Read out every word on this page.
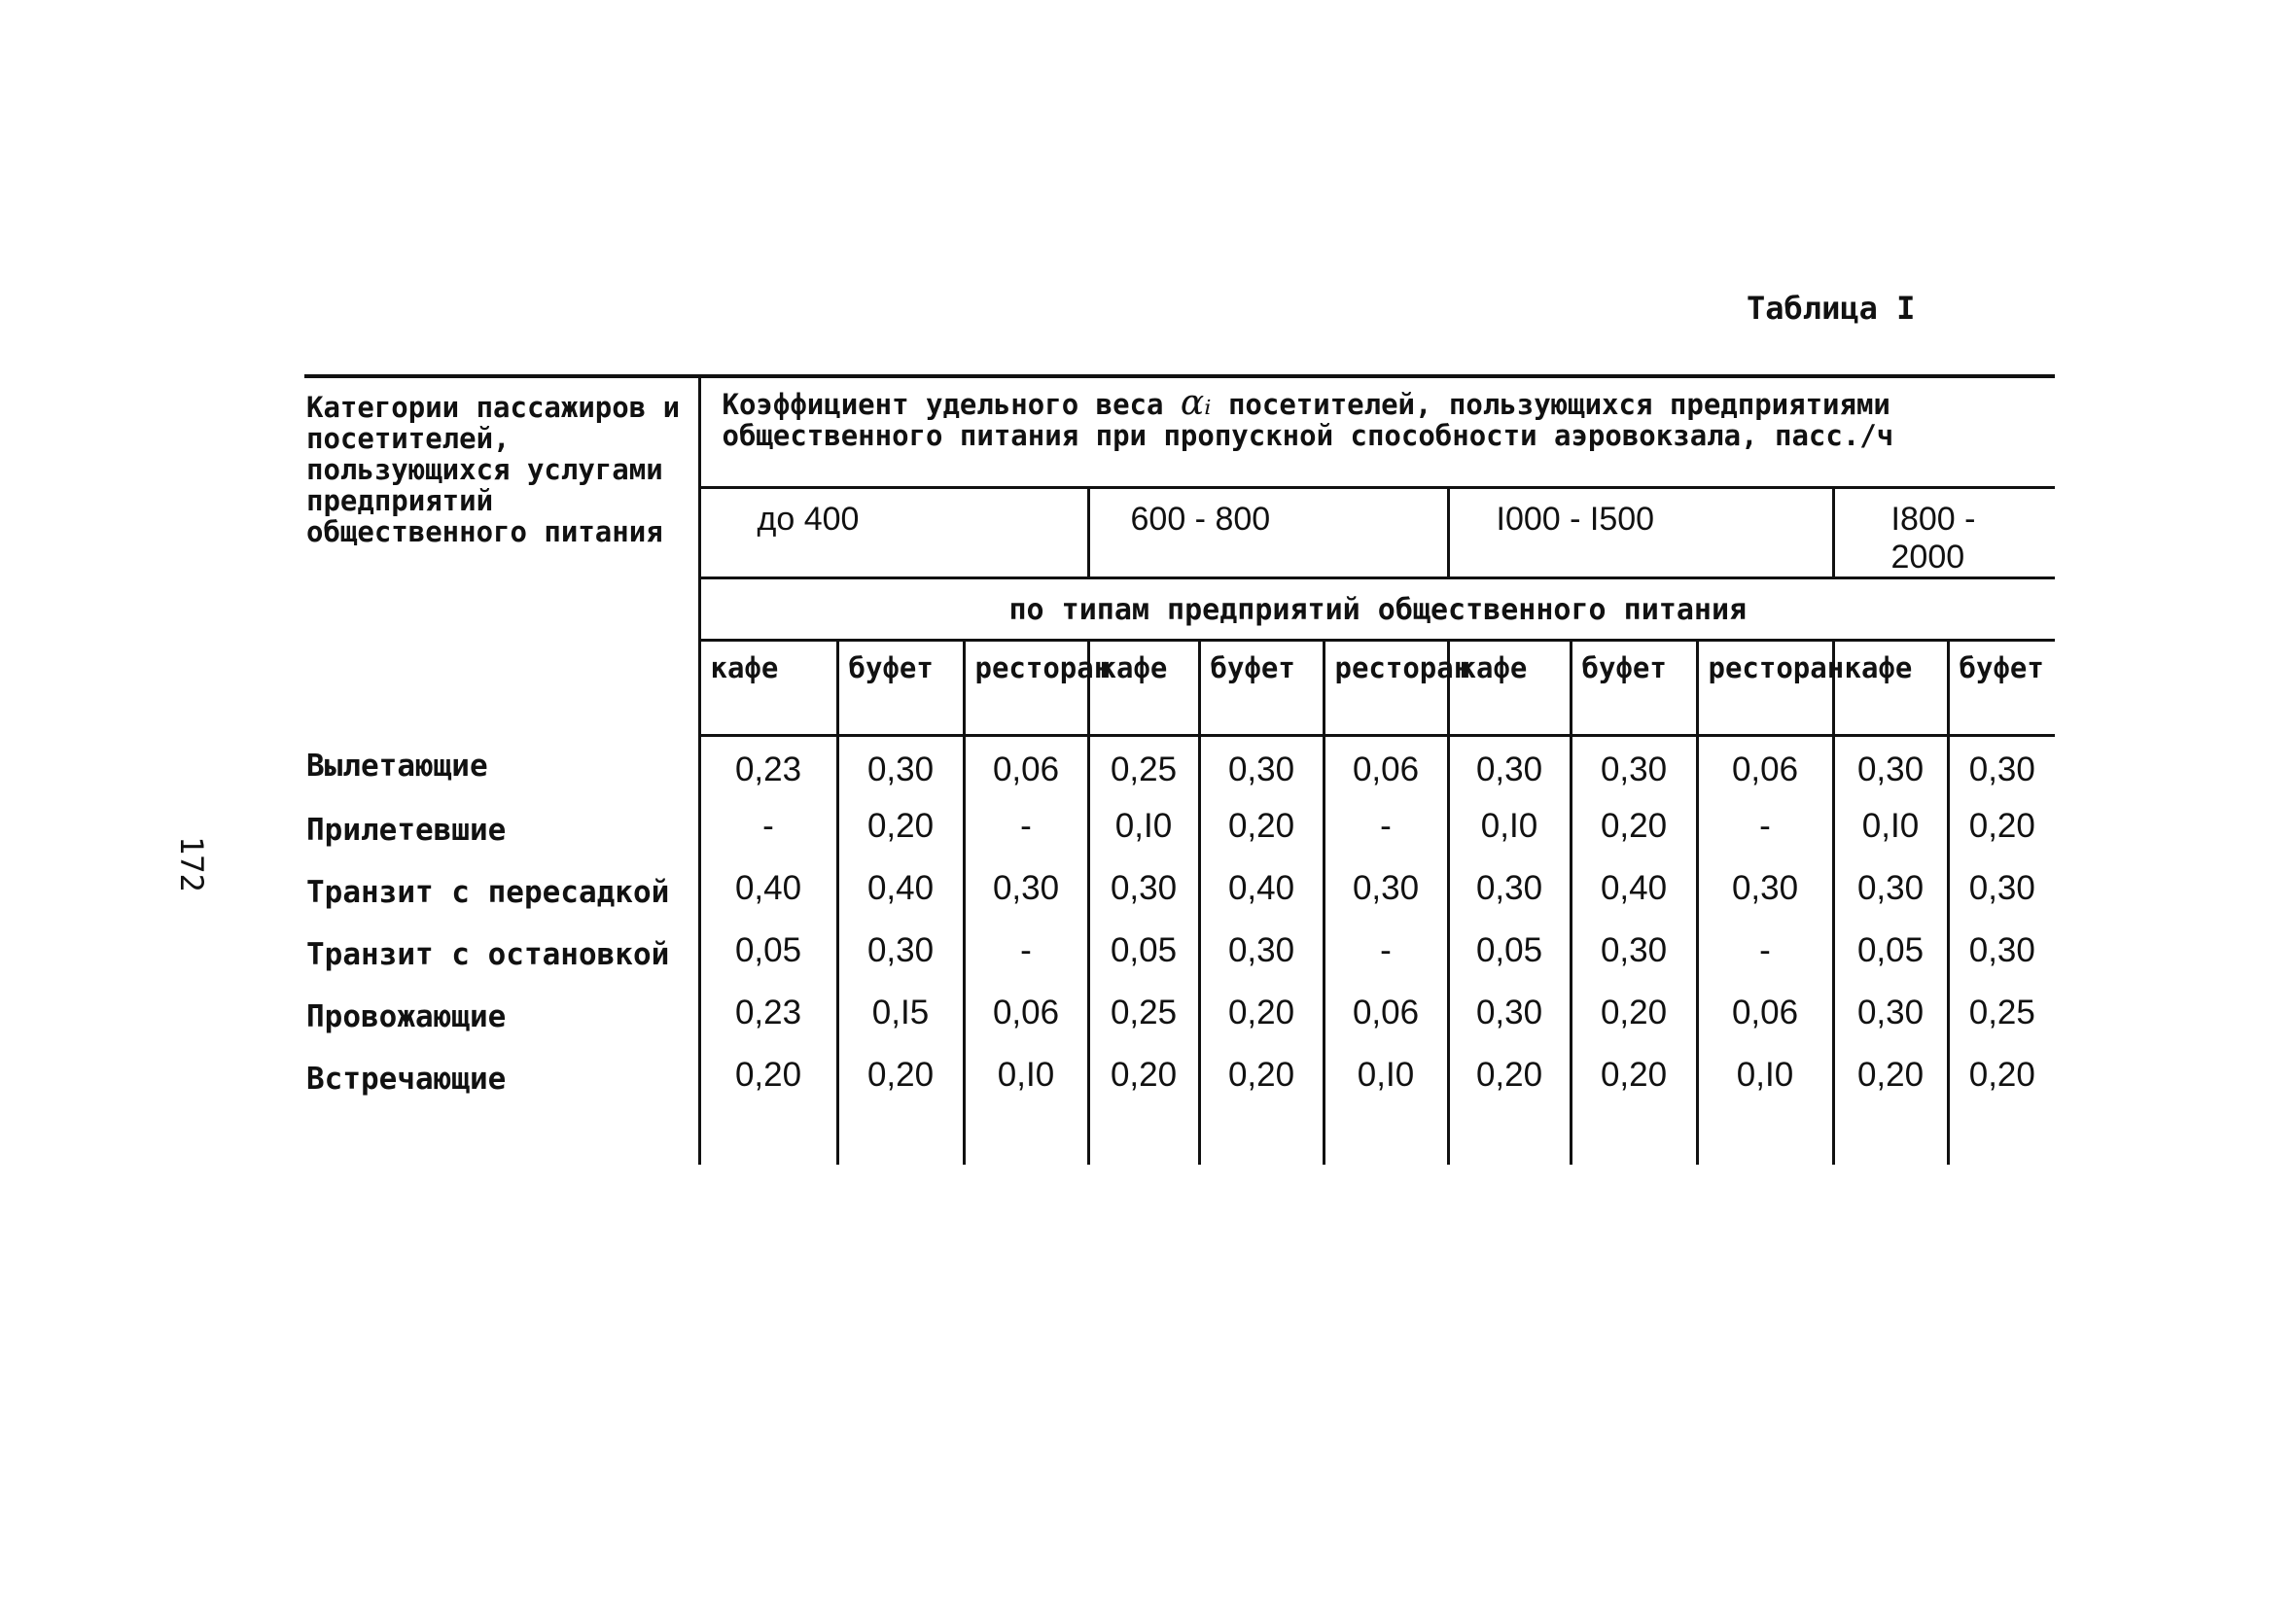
Таблица I
172
Категории пассажиров и посетителей, пользующихся услугами предприятий общественного питания	Коэффициент удельного веса αᵢ посетителей, пользующихся предприятиями общественного питания при пропускной способности аэровокзала, пасс./ч										
	до 400			600 - 800			I000 - I500			I800 - 2000	
	по типам предприятий общественного питания										
	кафе	буфет	ресторан	кафе	буфет	ресторан	кафе	буфет	ресторан	кафе	буфет
Вылетающие	0,23	0,30	0,06	0,25	0,30	0,06	0,30	0,30	0,06	0,30	0,30
Прилетевшие	-	0,20	-	0,I0	0,20	-	0,I0	0,20	-	0,I0	0,20
Транзит с пересадкой	0,40	0,40	0,30	0,30	0,40	0,30	0,30	0,40	0,30	0,30	0,30
Транзит с остановкой	0,05	0,30	-	0,05	0,30	-	0,05	0,30	-	0,05	0,30
Провожающие	0,23	0,I5	0,06	0,25	0,20	0,06	0,30	0,20	0,06	0,30	0,25
Встречающие	0,20	0,20	0,I0	0,20	0,20	0,I0	0,20	0,20	0,I0	0,20	0,20
